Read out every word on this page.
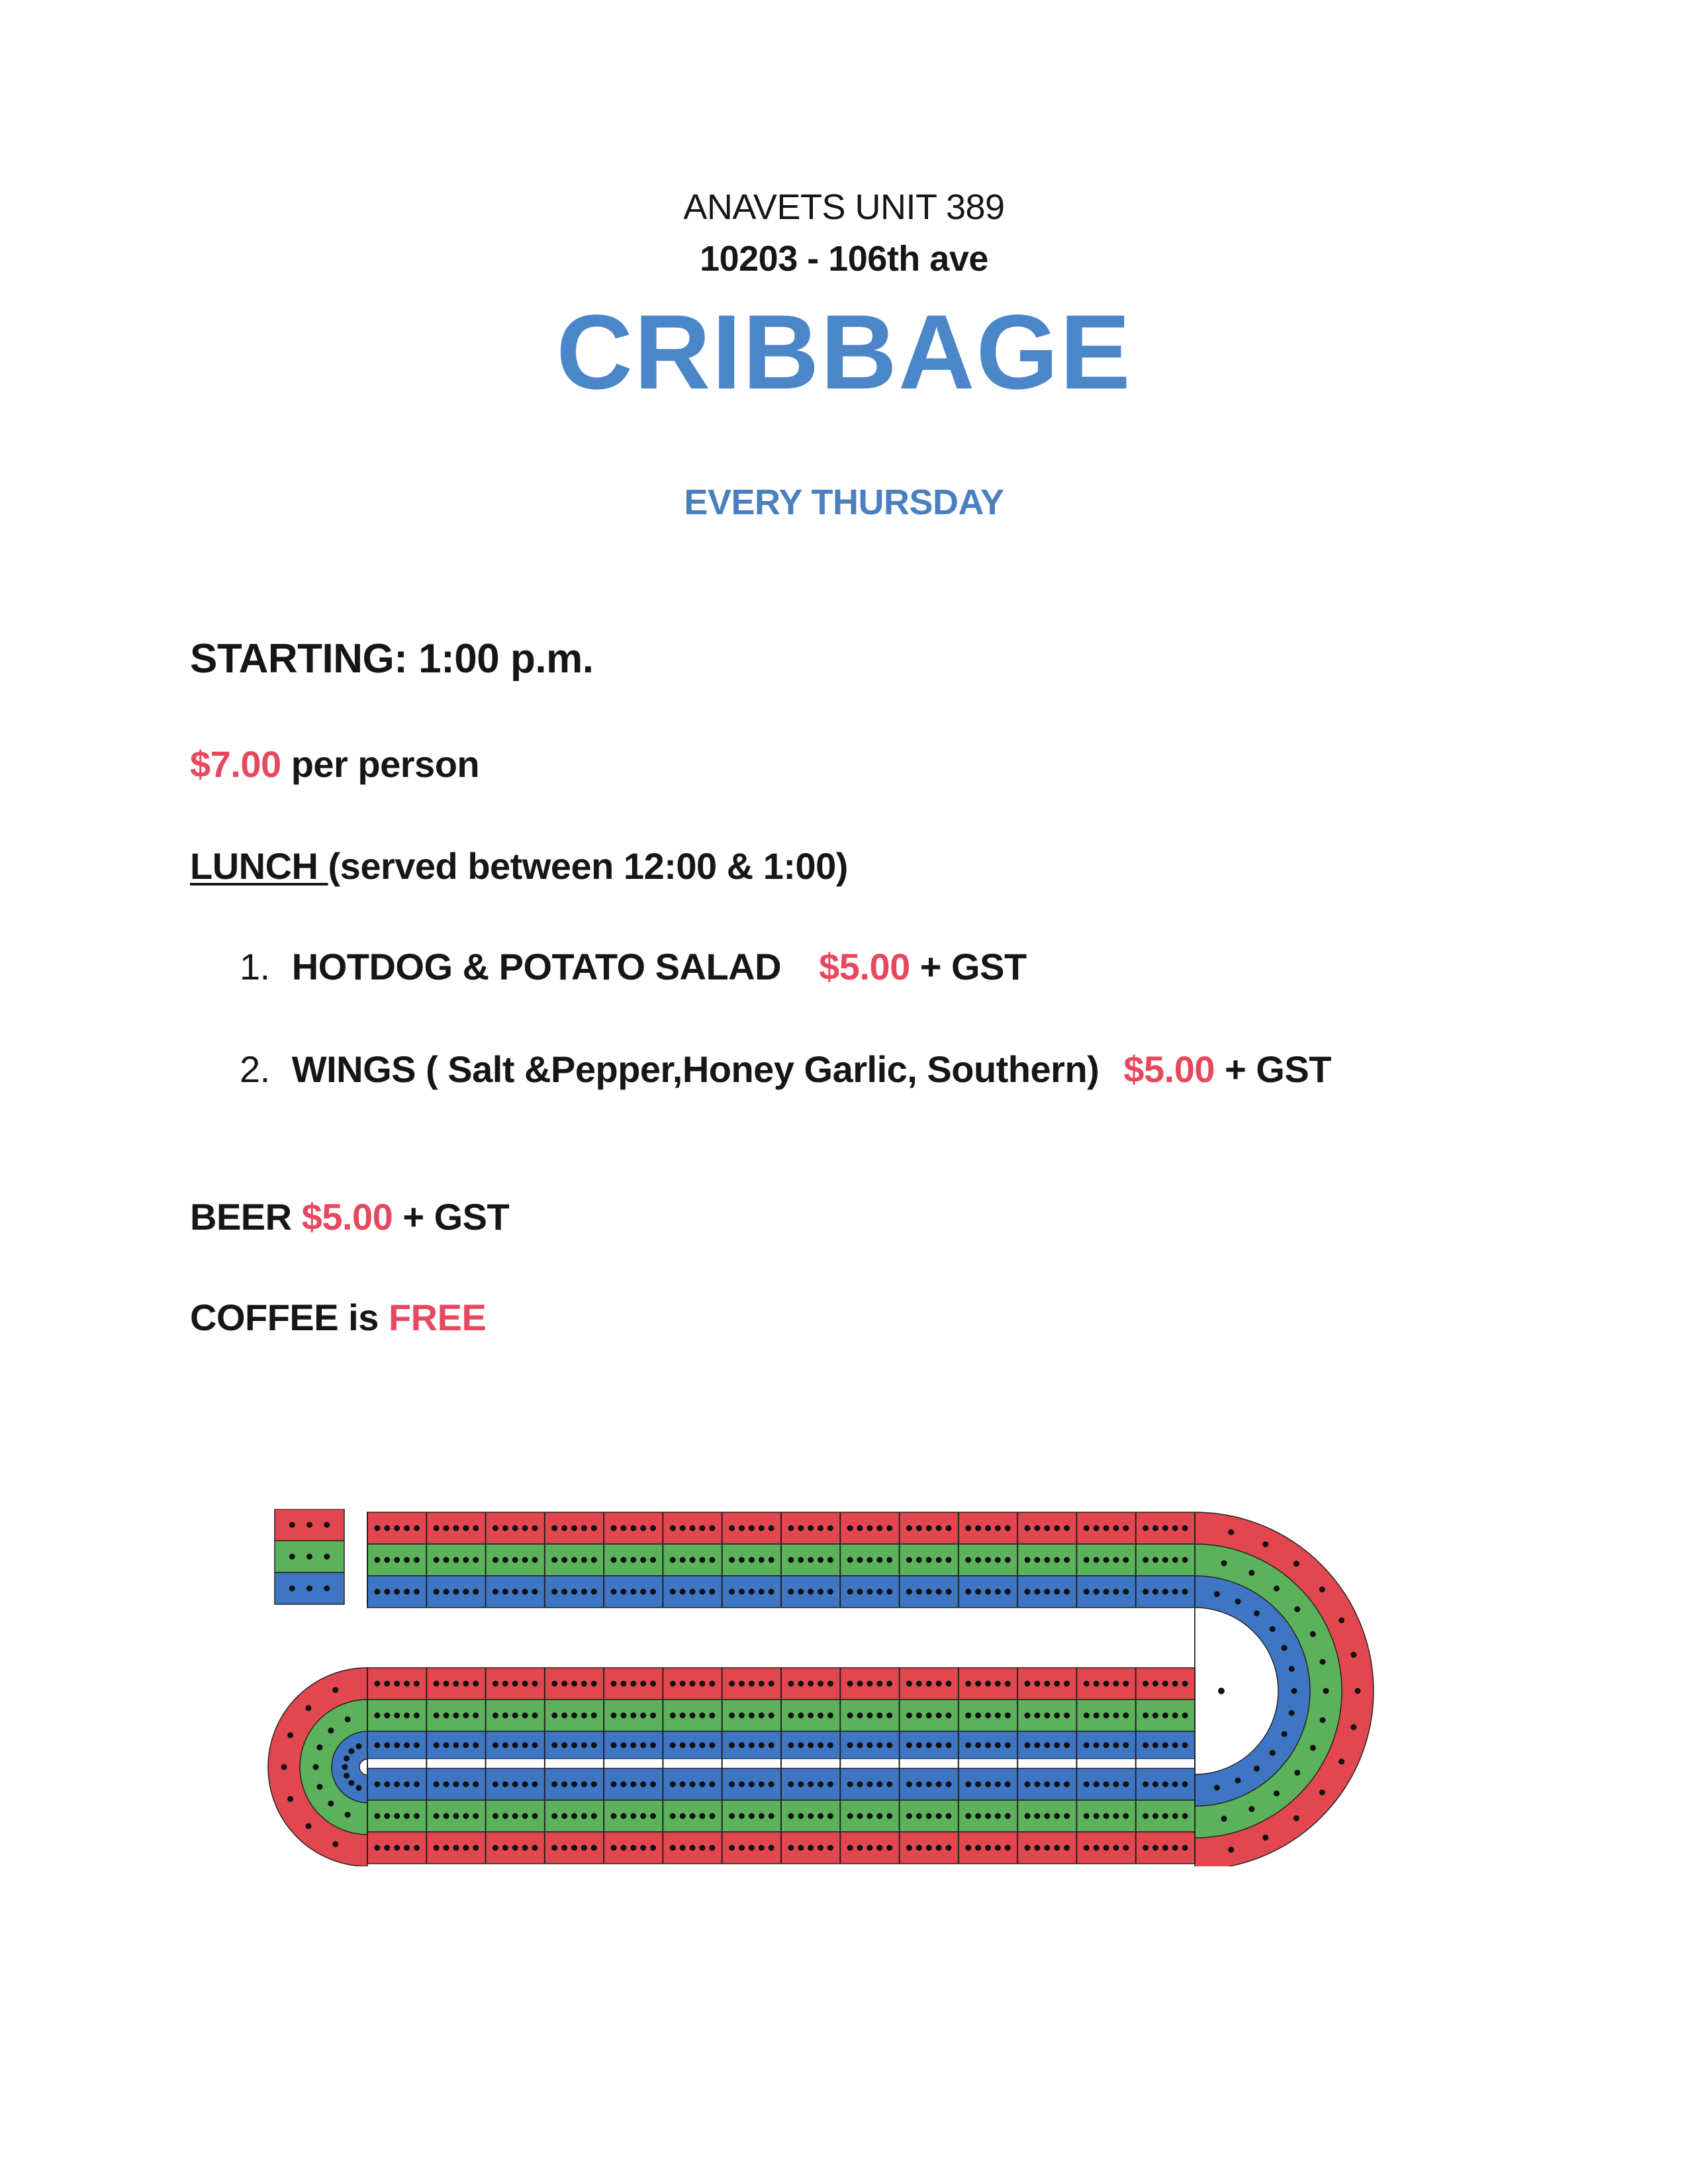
ANAVETS UNIT 389
10203 - 106th ave
CRIBBAGE
EVERY THURSDAY
STARTING: 1:00 p.m.
$7.00 per person
LUNCH (served between 12:00 & 1:00)
1. HOTDOG & POTATO SALAD $5.00 + GST
2. WINGS ( Salt &Pepper,Honey Garlic, Southern) $5.00 + GST
BEER $5.00 + GST
COFFEE is FREE
